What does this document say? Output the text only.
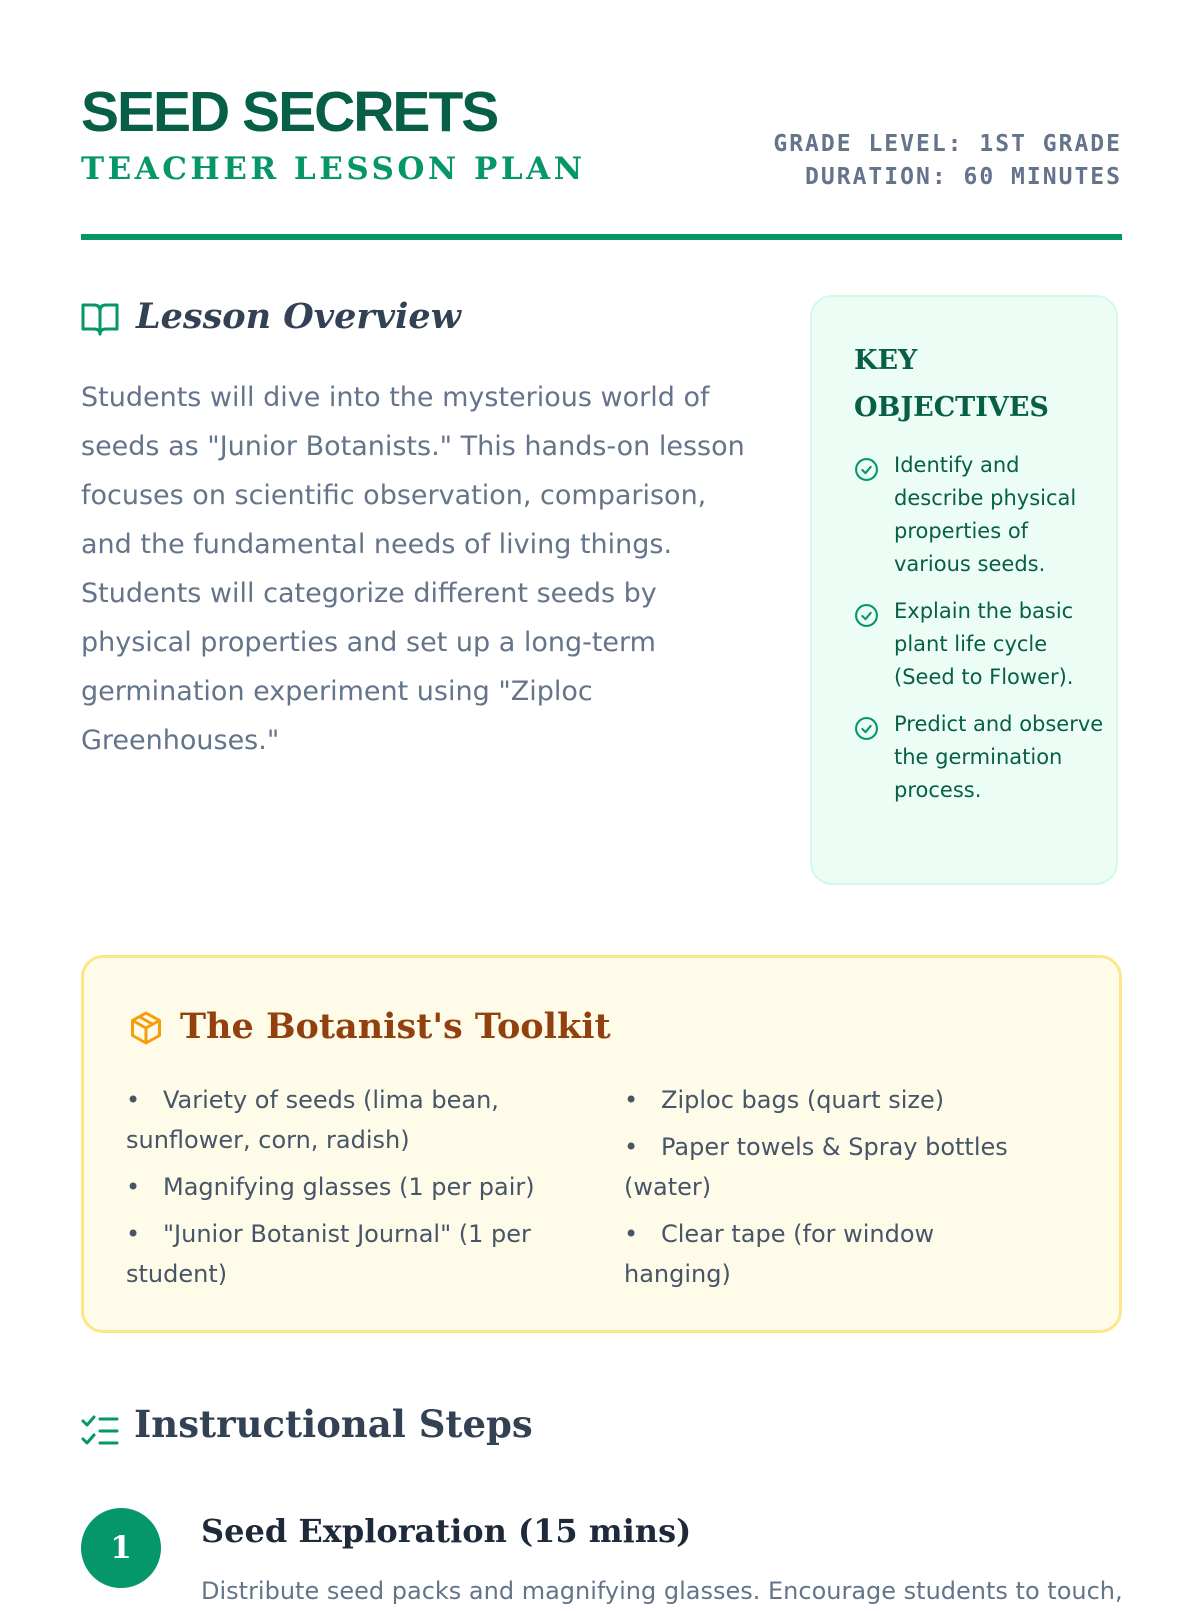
SEED SECRETS
TEACHER LESSON PLAN
GRADE LEVEL: 1ST GRADE
DURATION: 60 MINUTES
Lesson Overview

Students will dive into the mysterious world of seeds as "Junior Botanists." This hands-on lesson focuses on scientific observation, comparison, and the fundamental needs of living things. Students will categorize different seeds by physical properties and set up a long-term germination experiment using "Ziploc Greenhouses."

KEY OBJECTIVES
Identify and describe physical properties of various seeds.
Explain the basic plant life cycle (Seed to Flower).
Predict and observe the germination process.
The Botanist's Toolkit
• Variety of seeds (lima bean, sunflower, corn, radish)
• Magnifying glasses (1 per pair)
• "Junior Botanist Journal" (1 per student)
• Ziploc bags (quart size)
• Paper towels & Spray bottles (water)
• Clear tape (for window hanging)
Instructional Steps
1	Seed Exploration (15 mins)

Distribute seed packs and magnifying glasses. Encourage students to touch,
